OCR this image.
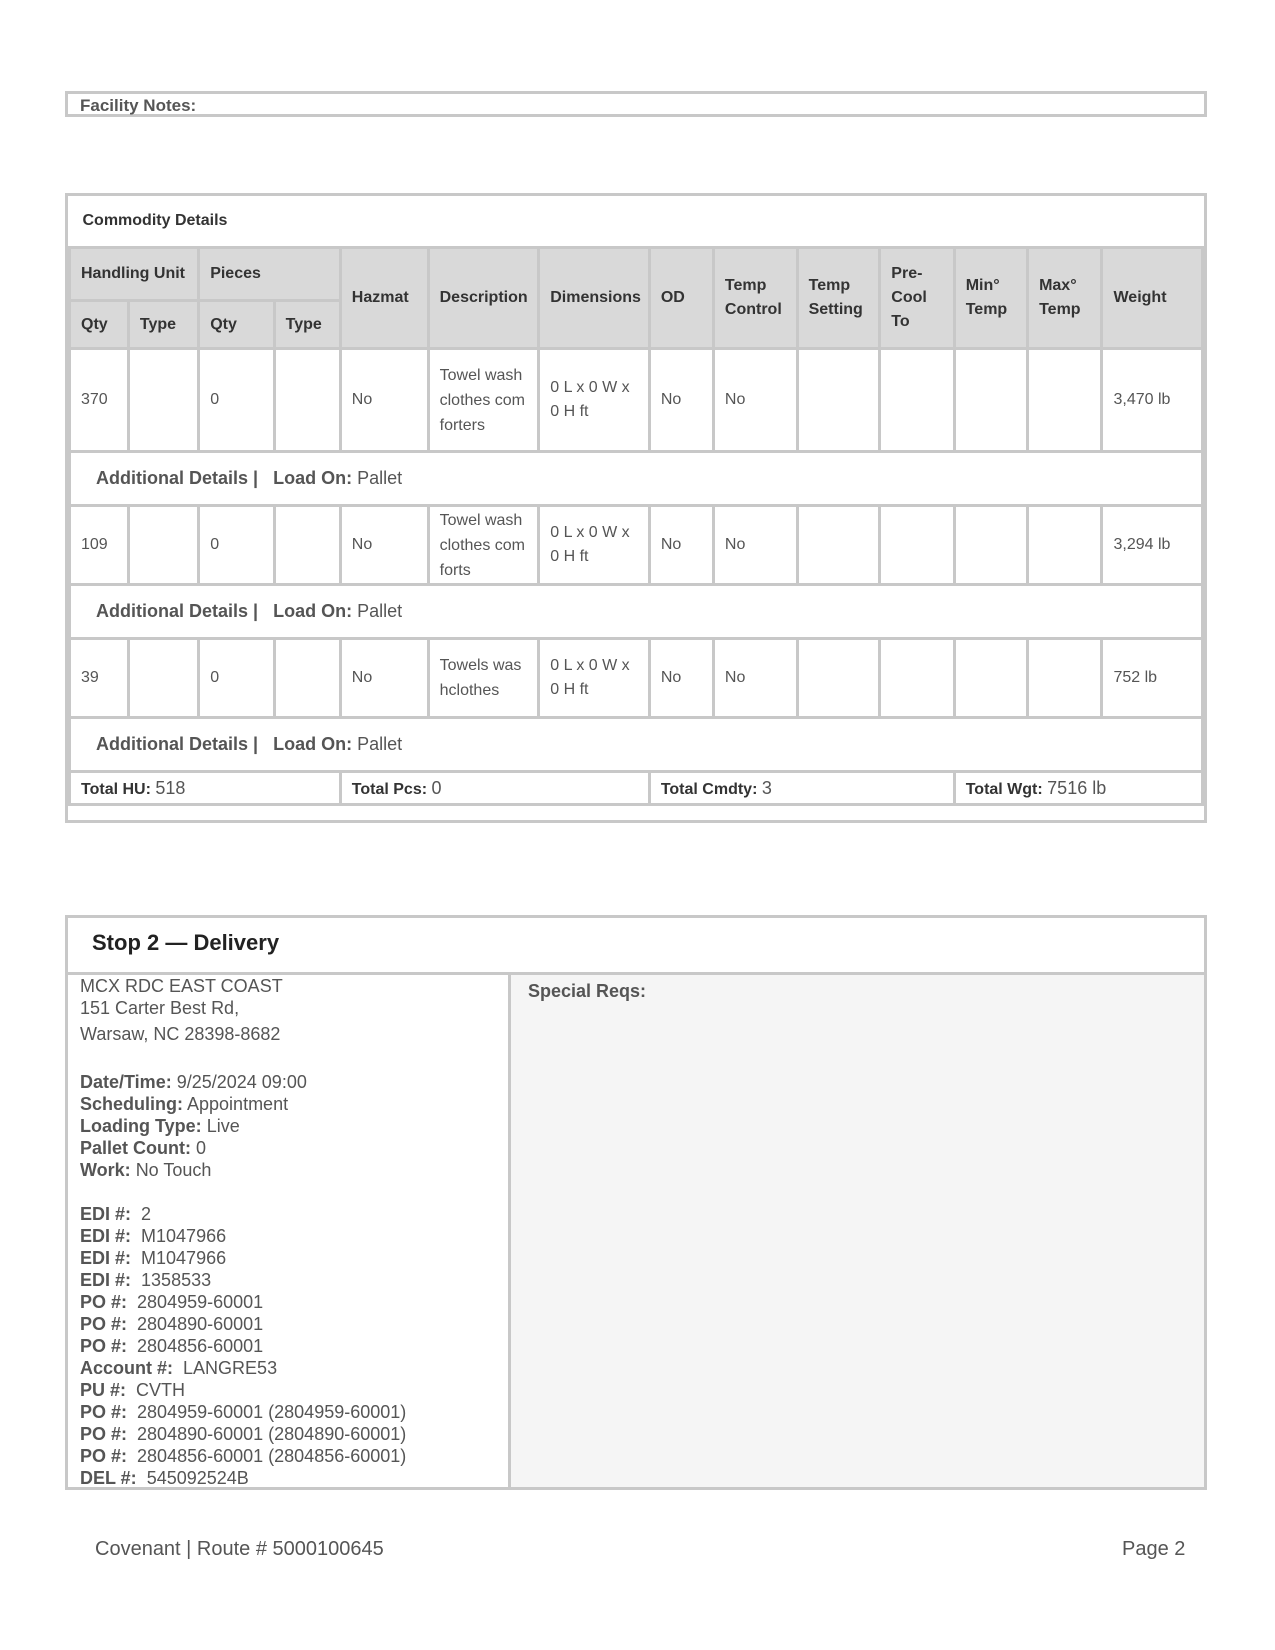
Facility Notes:
Commodity Details													
Handling Unit		Pieces		Hazmat	Description	Dimensions	OD	Temp Control	Temp Setting	Pre-Cool To	Min° Temp	Max° Temp	Weight
Qty	Type	Qty	Type										
370		0		No	Towel washclothes comforters	0 L x 0 W x 0 H ft	No	No					3,470 lb
Additional Details | Load On: Pallet													
109		0		No	Towel washclothes comforts	0 L x 0 W x 0 H ft	No	No					3,294 lb
Additional Details | Load On: Pallet													
39		0		No	Towels washclothes	0 L x 0 W x 0 H ft	No	No					752 lb
Additional Details | Load On: Pallet													
Total HU: 518				Total Pcs: 0			Total Cmdty: 3				Total Wgt: 7516 lb		
Stop 2 — Delivery
MCX RDC EAST COAST
151 Carter Best Rd,
Warsaw, NC 28398-8682
Date/Time: 9/25/2024 09:00
Scheduling: Appointment
Loading Type: Live
Pallet Count: 0
Work: No Touch
EDI #: 2
EDI #: M1047966
EDI #: M1047966
EDI #: 1358533
PO #: 2804959-60001
PO #: 2804890-60001
PO #: 2804856-60001
Account #: LANGRE53
PU #: CVTH
PO #: 2804959-60001 (2804959-60001)
PO #: 2804890-60001 (2804890-60001)
PO #: 2804856-60001 (2804856-60001)
DEL #: 545092524B
Special Reqs:
Covenant | Route # 5000100645	Page 2
